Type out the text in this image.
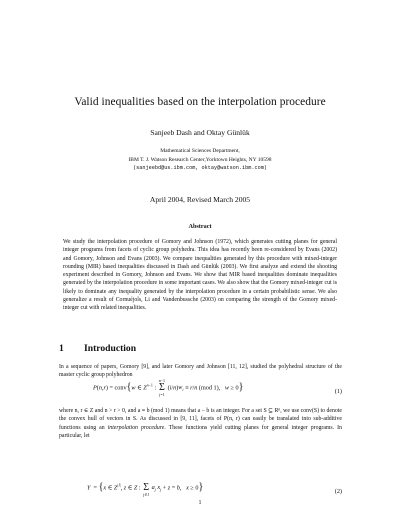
Valid inequalities based on the interpolation procedure
Sanjeeb Dash and Oktay Günlük
Mathematical Sciences Department,
IBM T. J. Watson Research Center,Yorktown Heights, NY 10598
(sanjeebd@us.ibm.com, oktay@watson.ibm.com)
April 2004, Revised March 2005
Abstract
We study the interpolation procedure of Gomory and Johnson (1972), which generates cutting planes for general integer programs from facets of cyclic group polyhedra. This idea has recently been re-considered by Evans (2002) and Gomory, Johnson and Evans (2003). We compare inequalities generated by this procedure with mixed-integer rounding (MIR) based inequalities discussed in Dash and Günlük (2003). We first analyze and extend the shooting experiment described in Gomory, Johnson and Evans. We show that MIR based inequalities dominate inequalities generated by the interpolation procedure in some important cases. We also show that the Gomory mixed-integer cut is likely to dominate any inequality generated by the interpolation procedure in a certain probabilistic sense. We also generalize a result of Cornuéjols, Li and Vandenbussche (2003) on comparing the strength of the Gomory mixed-integer cut with related inequalities.
1 Introduction
In a sequence of papers, Gomory [9], and later Gomory and Johnson [11, 12], studied the polyhedral structure of the master cyclic group polyhedron
P(n,r) = conv{w ∈ $Z^{n-1}$ : n−1
Σ
j=1 $(i/n)w_i \equiv r/n$ (mod 1),   w ≥ 0}	(1)
where n, r ∈ Z and n > r > 0, and a ≡ b (mod 1) means that a − b is an integer. For a set S ⊆ Rⁿ, we use conv(S) to denote the convex hull of vectors in S. As discussed in [9, 11], facets of P(n, r) can easily be translated into sub-additive functions using an interpolation procedure. These functions yield cutting planes for general integer programs. In particular, let
Y  = {x ∈ $Z^{|J|}$, z ∈ Z :
Σ
j∈J $a_j$ $x_j + z = b$,   x ≥ 0}	(2)
1
